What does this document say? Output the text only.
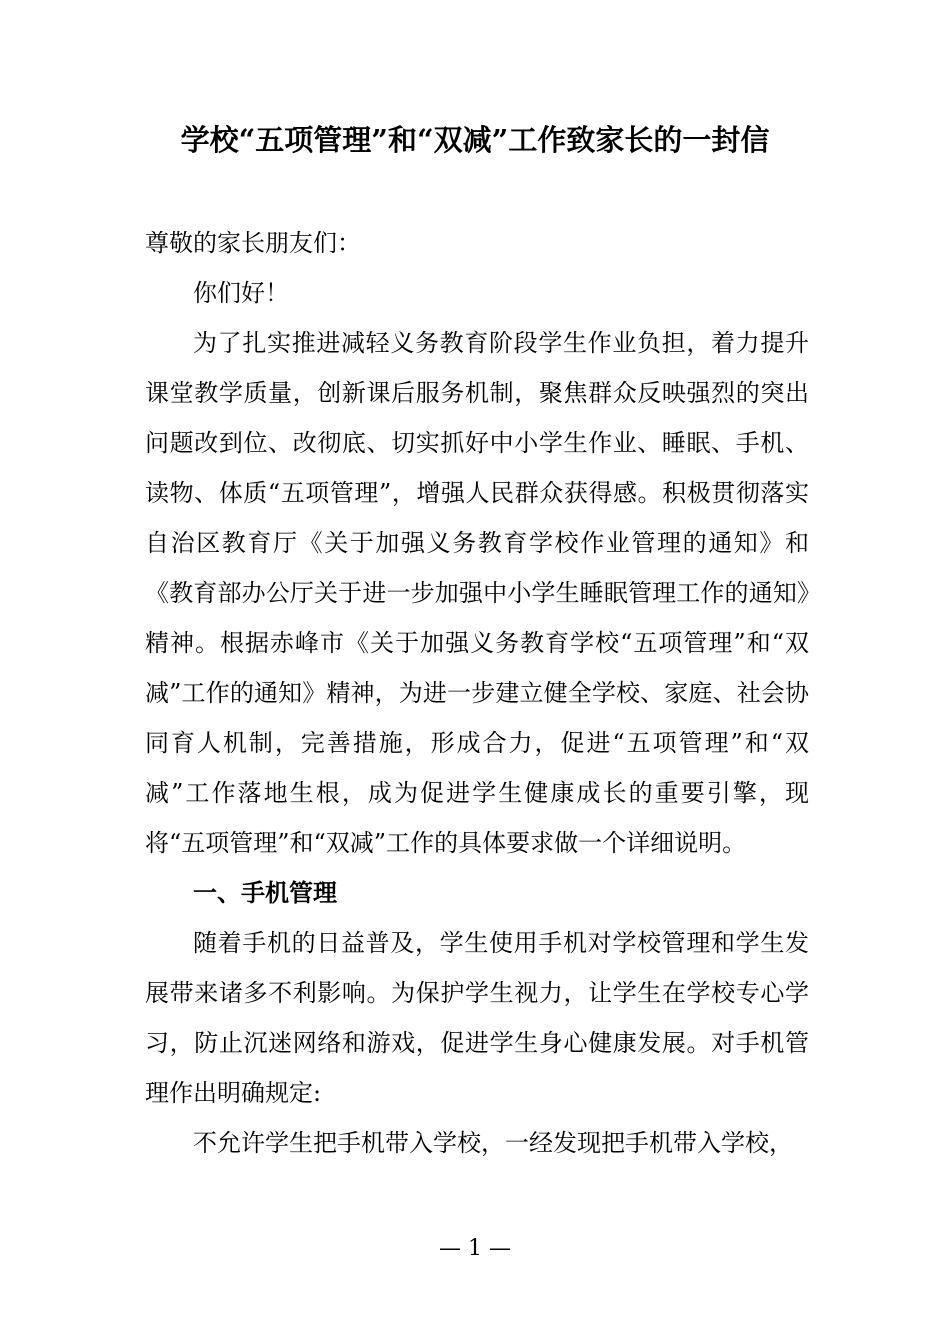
学校“五项管理”和“双减”工作致家长的一封信

尊敬的家长朋友们：

你们好！

为了扎实推进减轻义务教育阶段学生作业负担，着力提升课堂教学质量，创新课后服务机制，聚焦群众反映强烈的突出问题改到位、改彻底、切实抓好中小学生作业、睡眠、手机、读物、体质“五项管理”，增强人民群众获得感。积极贯彻落实自治区教育厅《关于加强义务教育学校作业管理的通知》和《教育部办公厅关于进一步加强中小学生睡眠管理工作的通知》精神。根据赤峰市《关于加强义务教育学校“五项管理”和“双减”工作的通知》精神，为进一步建立健全学校、家庭、社会协同育人机制，完善措施，形成合力，促进“五项管理”和“双减”工作落地生根，成为促进学生健康成长的重要引擎，现将“五项管理”和“双减”工作的具体要求做一个详细说明。

一、手机管理

随着手机的日益普及，学生使用手机对学校管理和学生发展带来诸多不利影响。为保护学生视力，让学生在学校专心学习，防止沉迷网络和游戏，促进学生身心健康发展。对手机管理作出明确规定:

不允许学生把手机带入学校，一经发现把手机带入学校，

— 1 —
